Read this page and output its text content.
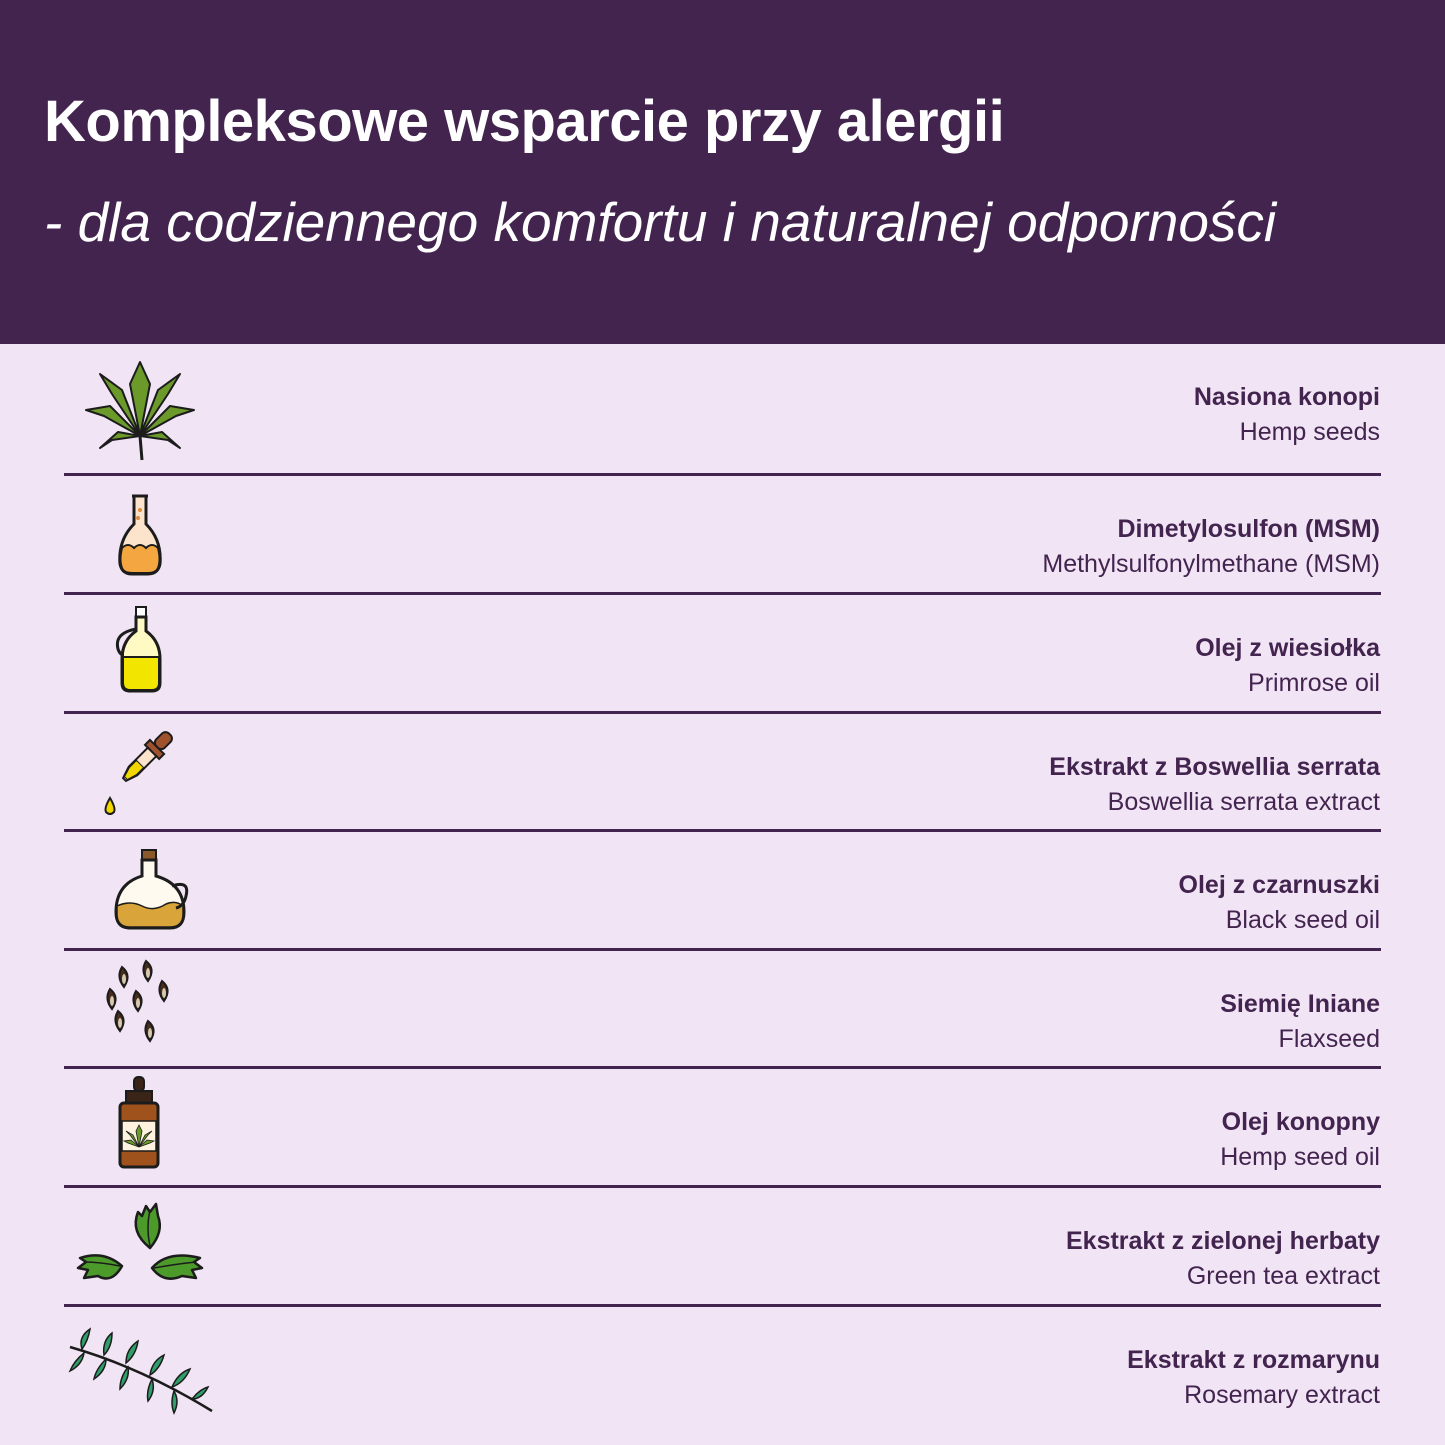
Kompleksowe wsparcie przy alergii
- dla codziennego komfortu i naturalnej odporności
Nasiona konopi
Hemp seeds
Dimetylosulfon (MSM)
Methylsulfonylmethane (MSM)
Olej z wiesiołka
Primrose oil
Ekstrakt z Boswellia serrata
Boswellia serrata extract
Olej z czarnuszki
Black seed oil
Siemię Iniane
Flaxseed
Olej konopny
Hemp seed oil
Ekstrakt z zielonej herbaty
Green tea extract
Ekstrakt z rozmarynu
Rosemary extract
